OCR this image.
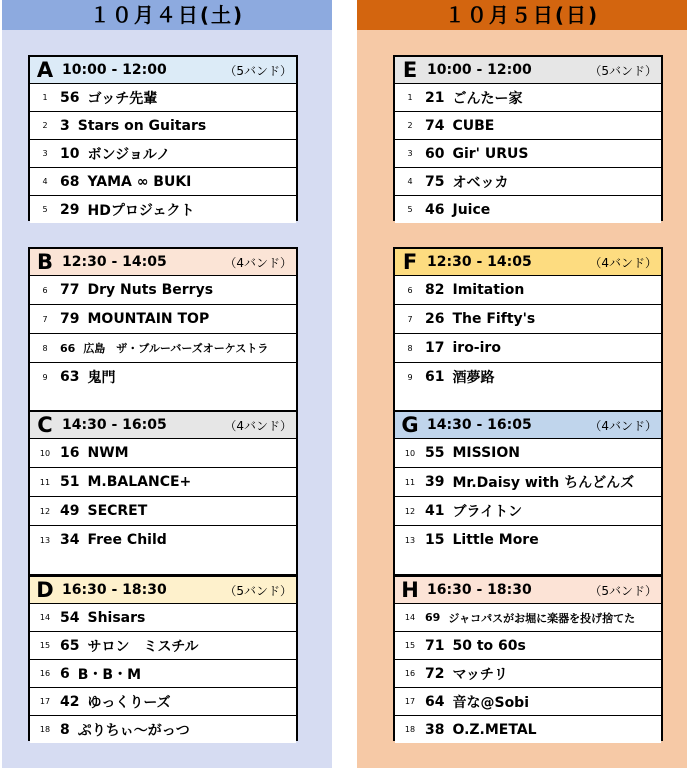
１０月４日(土)
A 10:00 - 12:00	（5バンド）
1 56 ゴッチ先輩
2 3 Stars on Guitars
3 10 ボンジョルノ
4 68 YAMA ∞ BUKI
5 29 HDプロジェクト
B 12:30 - 14:05	（4バンド）
6 77 Dry Nuts Berrys
7 79 MOUNTAIN TOP
8	66 広島　ザ・ブルーバーズオーケストラ
9 63 鬼門
C 14:30 - 16:05	（4バンド）
10 16 NWM
11 51 M.BALANCE+
12 49 SECRET
13 34 Free Child
D 16:30 - 18:30	（5バンド）
14 54 Shisars
15 65 サロン　ミスチル
16 6 B・B・M
17 42 ゆっくりーズ
18 8 ぷりちぃ～がっつ
１０月５日(日)
E 10:00 - 12:00	（5バンド）
1 21 ごんたー家
2 74 CUBE
3 60 Gir' URUS
4 75 オベッカ
5 46 Juice
F 12:30 - 14:05	（4バンド）
6 82 Imitation
7 26 The Fifty's
8 17 iro-iro
9 61 酒夢路
G 14:30 - 16:05	（4バンド）
10 55 MISSION
11 39 Mr.Daisy with ちんどんズ
12 41 ブライトン
13 15 Little More
H 16:30 - 18:30	（5バンド）
14 69 ジャコパスがお堀に楽器を投げ捨てた
15 71 50 to 60s
16 72 マッチリ
17 64 音な@Sobi
18 38 O.Z.METAL
